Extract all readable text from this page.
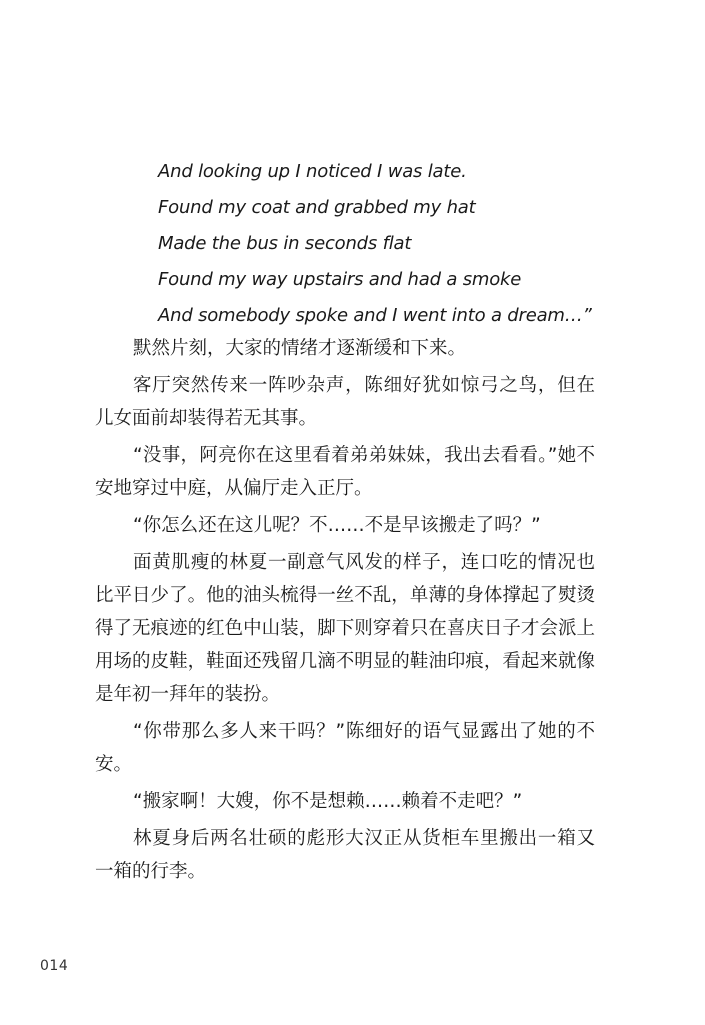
And looking up I noticed I was late.
Found my coat and grabbed my hat
Made the bus in seconds flat
Found my way upstairs and had a smoke
And somebody spoke and I went into a dream…”

默然片刻，大家的情绪才逐渐缓和下来。

客厅突然传来一阵吵杂声，陈细好犹如惊弓之鸟，但在儿女面前却装得若无其事。

“没事，阿亮你在这里看着弟弟妹妹，我出去看看。”她不安地穿过中庭，从偏厅走入正厅。

“你怎么还在这儿呢？不……不是早该搬走了吗？”

面黄肌瘦的林夏一副意气风发的样子，连口吃的情况也比平日少了。他的油头梳得一丝不乱，单薄的身体撑起了熨烫得了无痕迹的红色中山装，脚下则穿着只在喜庆日子才会派上用场的皮鞋，鞋面还残留几滴不明显的鞋油印痕，看起来就像是年初一拜年的装扮。

“你带那么多人来干吗？”陈细好的语气显露出了她的不安。

“搬家啊！大嫂，你不是想赖……赖着不走吧？”

林夏身后两名壮硕的彪形大汉正从货柜车里搬出一箱又一箱的行李。

014
